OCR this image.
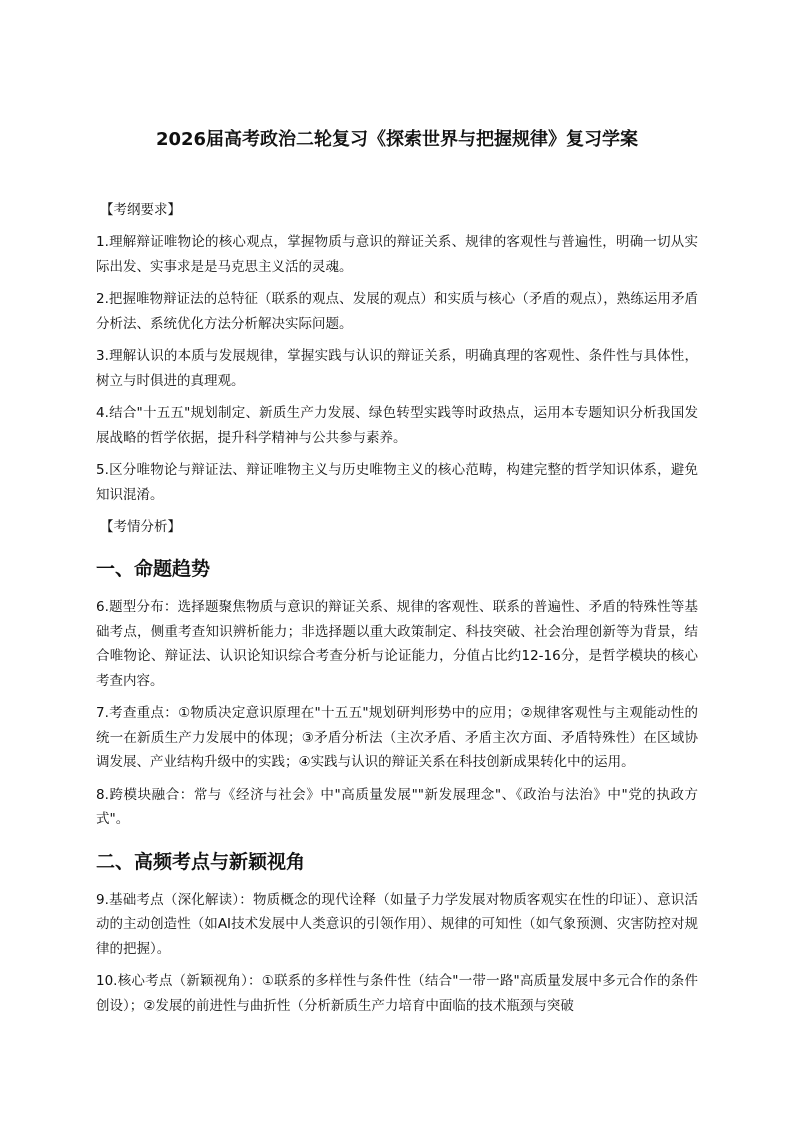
2026届高考政治二轮复习《探索世界与把握规律》复习学案
【考纲要求】

1.理解辩证唯物论的核心观点，掌握物质与意识的辩证关系、规律的客观性与普遍性，明确一切从实际出发、实事求是是马克思主义活的灵魂。

2.把握唯物辩证法的总特征（联系的观点、发展的观点）和实质与核心（矛盾的观点），熟练运用矛盾分析法、系统优化方法分析解决实际问题。

3.理解认识的本质与发展规律，掌握实践与认识的辩证关系，明确真理的客观性、条件性与具体性，树立与时俱进的真理观。

4.结合"十五五"规划制定、新质生产力发展、绿色转型实践等时政热点，运用本专题知识分析我国发展战略的哲学依据，提升科学精神与公共参与素养。

5.区分唯物论与辩证法、辩证唯物主义与历史唯物主义的核心范畴，构建完整的哲学知识体系，避免知识混淆。

【考情分析】
一、命题趋势

6.题型分布：选择题聚焦物质与意识的辩证关系、规律的客观性、联系的普遍性、矛盾的特殊性等基础考点，侧重考查知识辨析能力；非选择题以重大政策制定、科技突破、社会治理创新等为背景，结合唯物论、辩证法、认识论知识综合考查分析与论证能力，分值占比约12-16分，是哲学模块的核心考查内容。

7.考查重点：①物质决定意识原理在"十五五"规划研判形势中的应用；②规律客观性与主观能动性的统一在新质生产力发展中的体现；③矛盾分析法（主次矛盾、矛盾主次方面、矛盾特殊性）在区域协调发展、产业结构升级中的实践；④实践与认识的辩证关系在科技创新成果转化中的运用。

8.跨模块融合：常与《经济与社会》中"高质量发展""新发展理念"、《政治与法治》中"党的执政方式"。

二、高频考点与新颖视角

9.基础考点（深化解读）：物质概念的现代诠释（如量子力学发展对物质客观实在性的印证）、意识活动的主动创造性（如AI技术发展中人类意识的引领作用）、规律的可知性（如气象预测、灾害防控对规律的把握）。

10.核心考点（新颖视角）：①联系的多样性与条件性（结合"一带一路"高质量发展中多元合作的条件创设）；②发展的前进性与曲折性（分析新质生产力培育中面临的技术瓶颈与突破
